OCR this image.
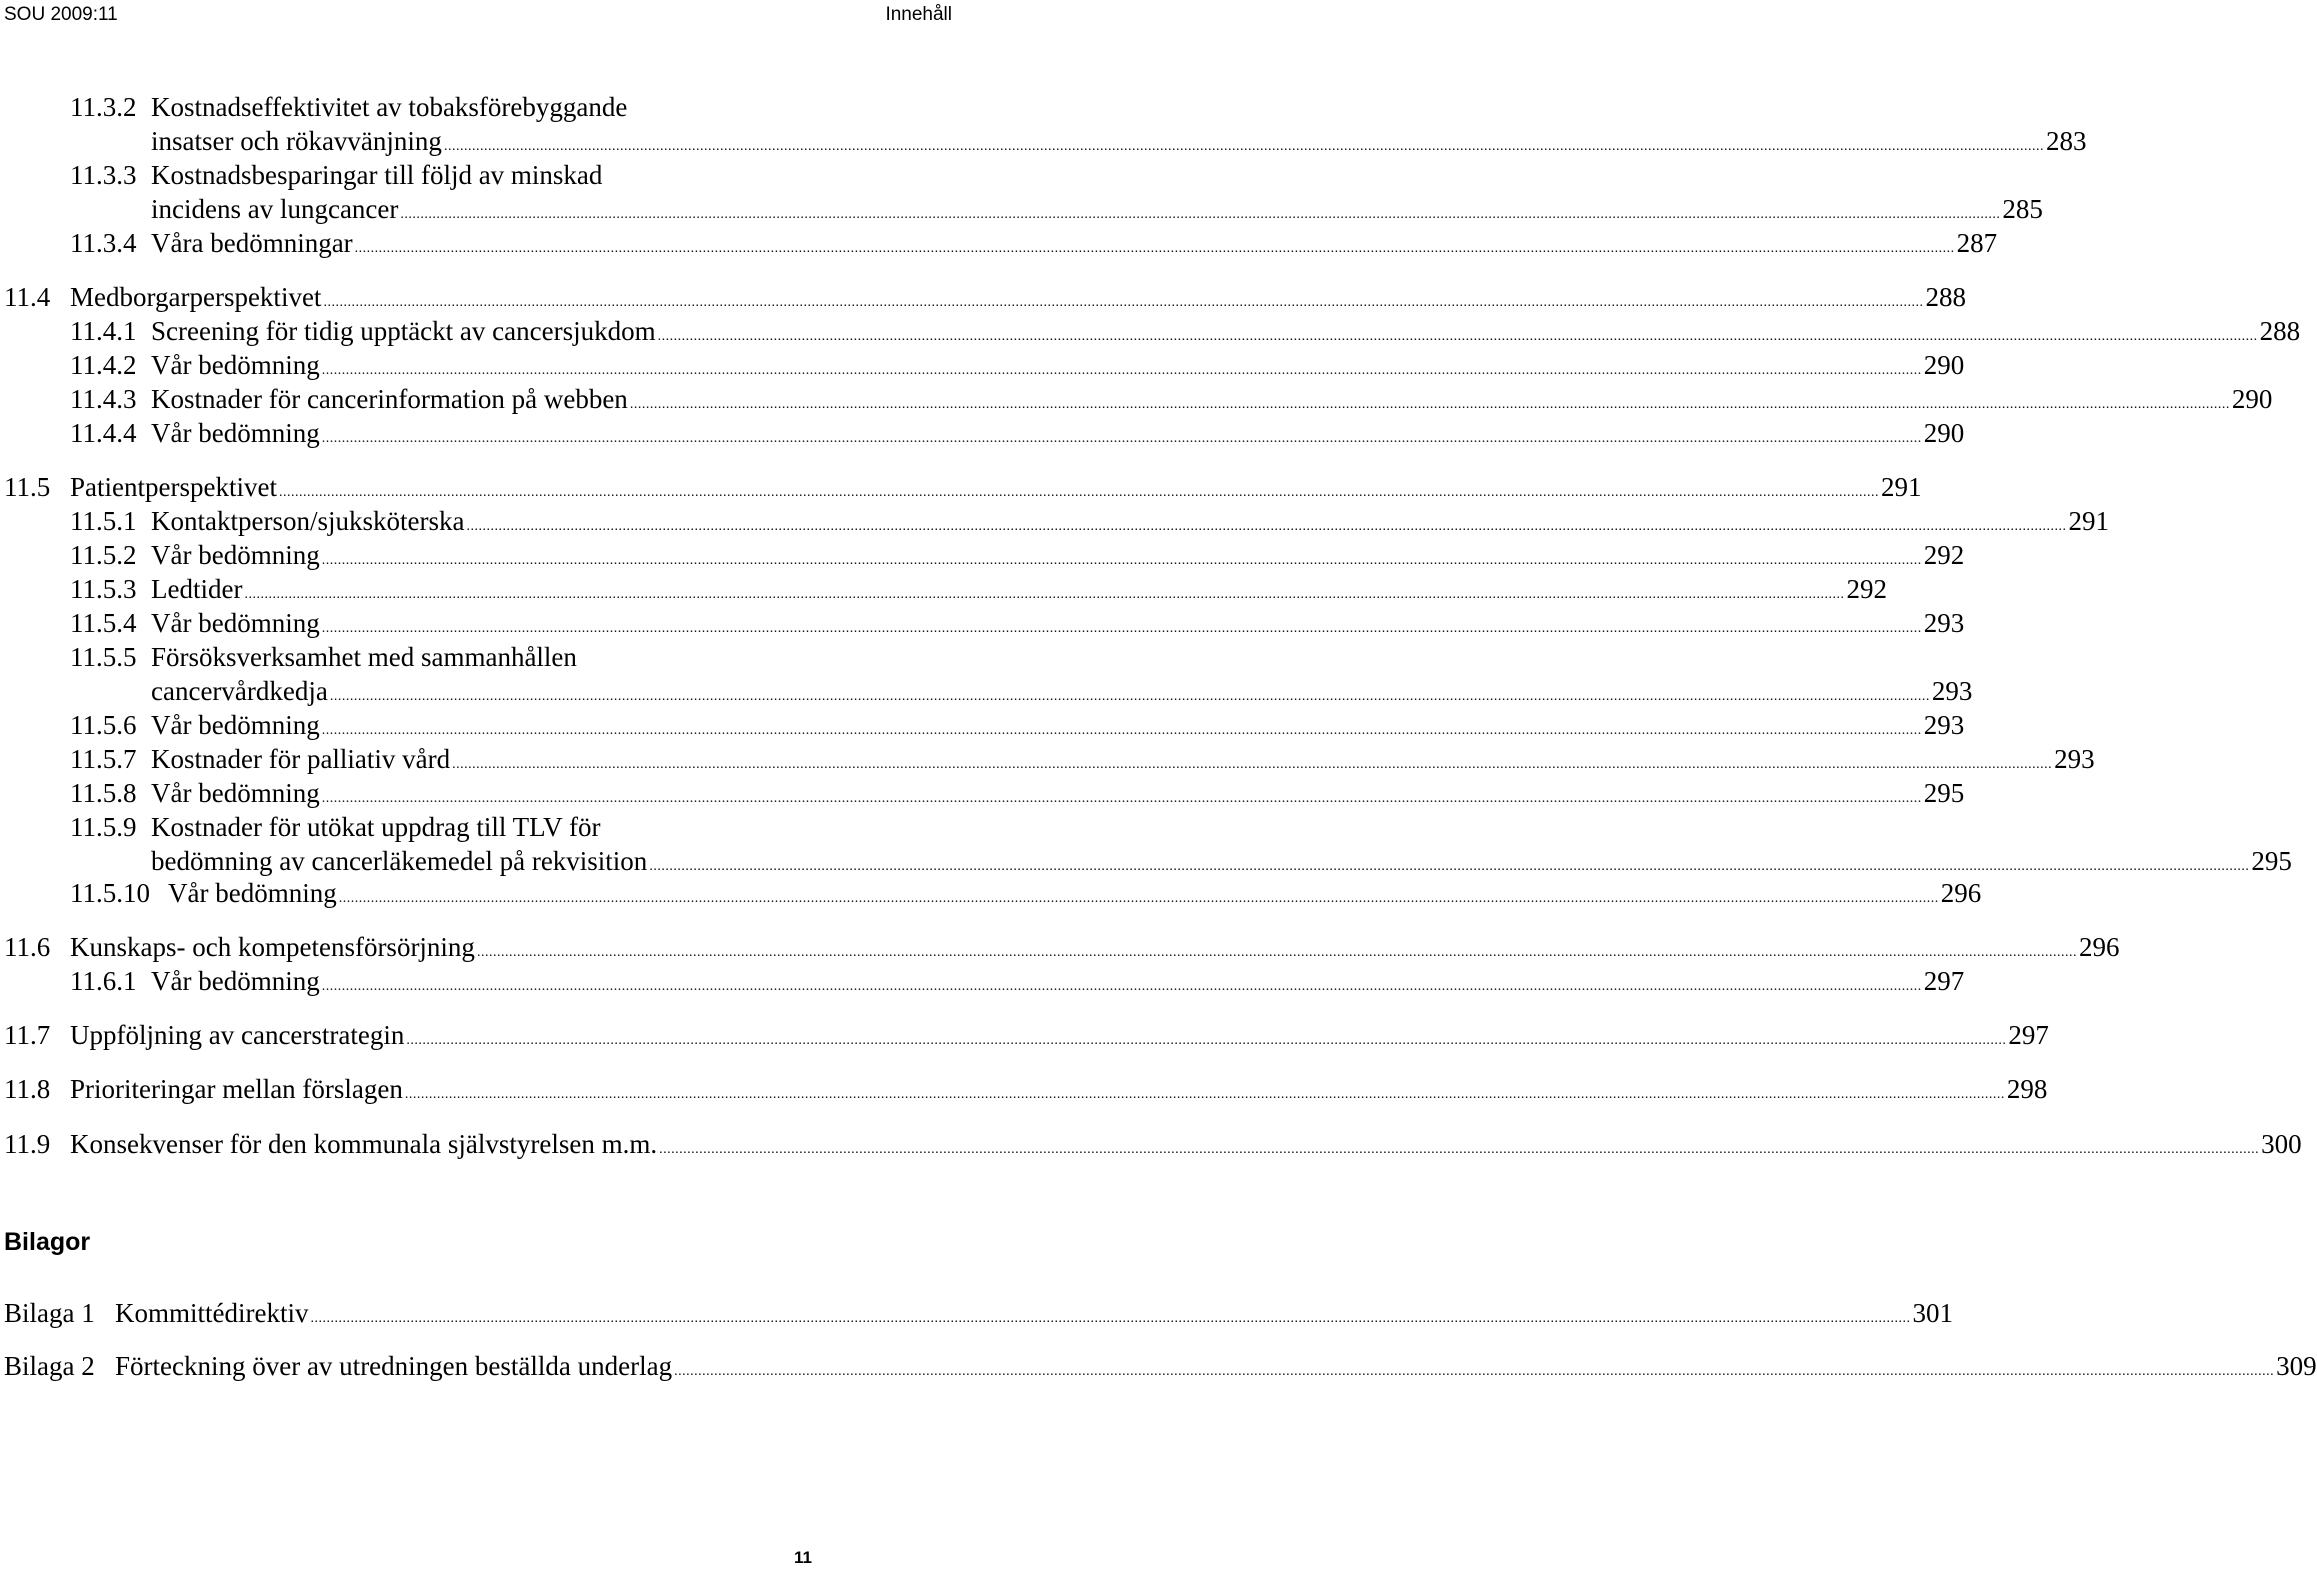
SOU 2009:11	Innehåll
11.3.2 Kostnadseffektivitet av tobaksförebyggande
insatser och rökavvänjning ................................................................................................................................................................................................................................................................................................................................................................................................................ 283
11.3.3 Kostnadsbesparingar till följd av minskad
incidens av lungcancer ................................................................................................................................................................................................................................................................................................................................................................................................................ 285
11.3.4 Våra bedömningar ................................................................................................................................................................................................................................................................................................................................................................................................................ 287
11.4 Medborgarperspektivet ................................................................................................................................................................................................................................................................................................................................................................................................................ 288
11.4.1 Screening för tidig upptäckt av cancersjukdom ................................................................................................................................................................................................................................................................................................................................................................................................................ 288
11.4.2 Vår bedömning ................................................................................................................................................................................................................................................................................................................................................................................................................ 290
11.4.3 Kostnader för cancerinformation på webben ................................................................................................................................................................................................................................................................................................................................................................................................................ 290
11.4.4 Vår bedömning ................................................................................................................................................................................................................................................................................................................................................................................................................ 290
11.5 Patientperspektivet ................................................................................................................................................................................................................................................................................................................................................................................................................ 291
11.5.1 Kontaktperson/sjuksköterska ................................................................................................................................................................................................................................................................................................................................................................................................................ 291
11.5.2 Vår bedömning ................................................................................................................................................................................................................................................................................................................................................................................................................ 292
11.5.3 Ledtider ................................................................................................................................................................................................................................................................................................................................................................................................................ 292
11.5.4 Vår bedömning ................................................................................................................................................................................................................................................................................................................................................................................................................ 293
11.5.5 Försöksverksamhet med sammanhållen
cancervårdkedja ................................................................................................................................................................................................................................................................................................................................................................................................................ 293
11.5.6 Vår bedömning ................................................................................................................................................................................................................................................................................................................................................................................................................ 293
11.5.7 Kostnader för palliativ vård ................................................................................................................................................................................................................................................................................................................................................................................................................ 293
11.5.8 Vår bedömning ................................................................................................................................................................................................................................................................................................................................................................................................................ 295
11.5.9 Kostnader för utökat uppdrag till TLV för
bedömning av cancerläkemedel på rekvisition ................................................................................................................................................................................................................................................................................................................................................................................................................ 295
11.5.10 Vår bedömning ................................................................................................................................................................................................................................................................................................................................................................................................................ 296
11.6 Kunskaps- och kompetensförsörjning ................................................................................................................................................................................................................................................................................................................................................................................................................ 296
11.6.1 Vår bedömning ................................................................................................................................................................................................................................................................................................................................................................................................................ 297
11.7 Uppföljning av cancerstrategin ................................................................................................................................................................................................................................................................................................................................................................................................................ 297
11.8 Prioriteringar mellan förslagen ................................................................................................................................................................................................................................................................................................................................................................................................................ 298
11.9 Konsekvenser för den kommunala självstyrelsen m.m. ................................................................................................................................................................................................................................................................................................................................................................................................................ 300
Bilaga 1 Kommittédirektiv ................................................................................................................................................................................................................................................................................................................................................................................................................ 301
Bilaga 2 Förteckning över av utredningen beställda underlag ................................................................................................................................................................................................................................................................................................................................................................................................................ 309
Bilagor
11
